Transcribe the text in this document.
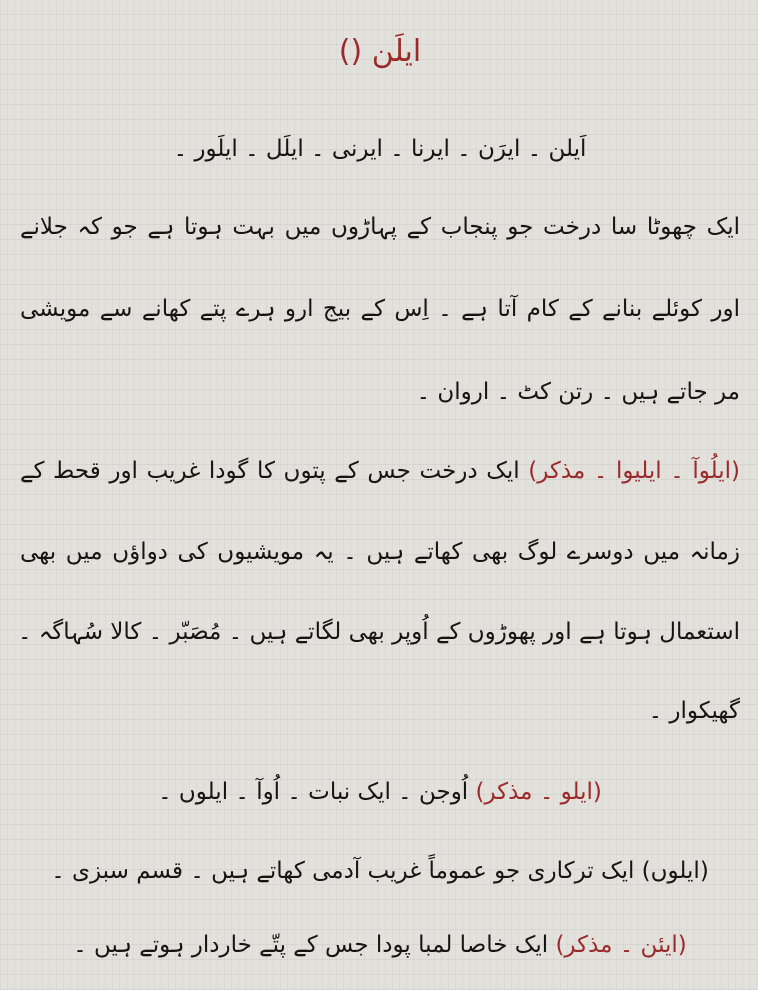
ایلَن ()
اَیلن ۔ ایرَن ۔ ایرنا ۔ ایرنی ۔ ایلَل ۔ ایلَور ۔
ایک چھوٹا سا درخت جو پنجاب کے پہاڑوں میں بہت ہوتا ہے جو کہ جلانے
اور کوئلے بنانے کے کام آتا ہے ۔ اِس کے بیج ارو ہرے پتے کھانے سے مویشی
مر جاتے ہیں ۔ رتن کٹ ۔ اروان ۔
(ایلُوآ ۔ ایلیوا ۔ مذکر) ایک درخت جس کے پتوں کا گودا غریب اور قحط کے
زمانہ میں دوسرے لوگ بھی کھاتے ہیں ۔ یہ مویشیوں کی دواؤں میں بھی
استعمال ہوتا ہے اور پھوڑوں کے اُوپر بھی لگاتے ہیں ۔ مُصَبّر ۔ کالا سُہاگہ ۔
گھیکوار ۔
(ایلو ۔ مذکر) اُوجن ۔ ایک نبات ۔ اُوآ ۔ ایلوں ۔
(ایلوں) ایک ترکاری جو عموماً غریب آدمی کھاتے ہیں ۔ قسم سبزی ۔
(ایئن ۔ مذکر) ایک خاصا لمبا پودا جس کے پتّے خاردار ہوتے ہیں ۔
